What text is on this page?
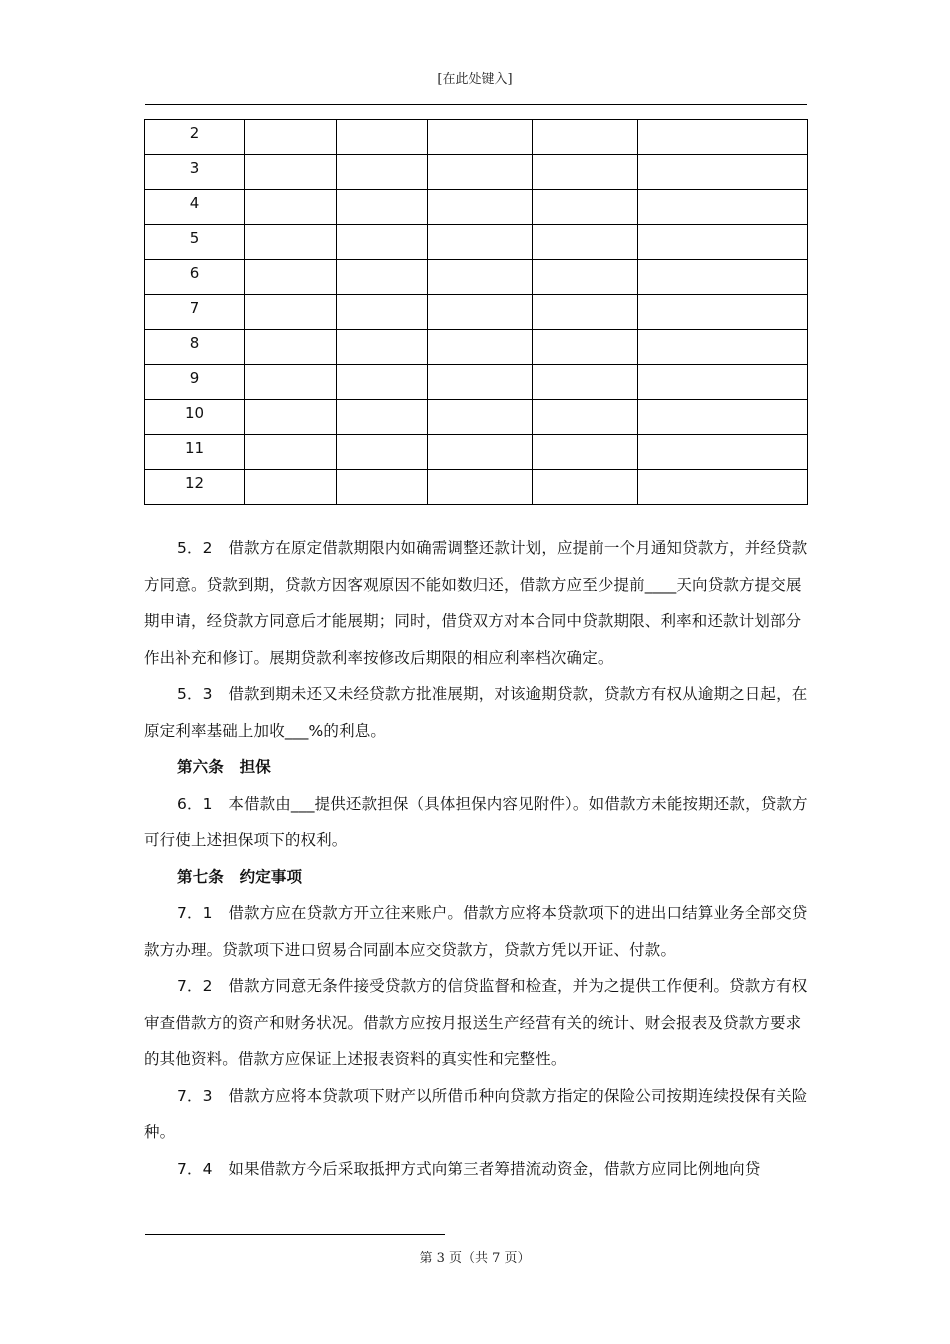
[在此处键入]
2					
3					
4					
5					
6					
7					
8					
9					
10					
11					
12					

5．2　借款方在原定借款期限内如确需调整还款计划，应提前一个月通知贷款方，并经贷款方同意。贷款到期，贷款方因客观原因不能如数归还，借款方应至少提前____天向贷款方提交展期申请，经贷款方同意后才能展期；同时，借贷双方对本合同中贷款期限、利率和还款计划部分作出补充和修订。展期贷款利率按修改后期限的相应利率档次确定。

5．3　借款到期未还又未经贷款方批准展期，对该逾期贷款，贷款方有权从逾期之日起，在原定利率基础上加收___%的利息。

第六条　担保

6．1　本借款由___提供还款担保（具体担保内容见附件）。如借款方未能按期还款，贷款方可行使上述担保项下的权利。

第七条　约定事项

7．1　借款方应在贷款方开立往来账户。借款方应将本贷款项下的进出口结算业务全部交贷款方办理。贷款项下进口贸易合同副本应交贷款方，贷款方凭以开证、付款。

7．2　借款方同意无条件接受贷款方的信贷监督和检查，并为之提供工作便利。贷款方有权审查借款方的资产和财务状况。借款方应按月报送生产经营有关的统计、财会报表及贷款方要求的其他资料。借款方应保证上述报表资料的真实性和完整性。

7．3　借款方应将本贷款项下财产以所借币种向贷款方指定的保险公司按期连续投保有关险种。

7．4　如果借款方今后采取抵押方式向第三者筹措流动资金，借款方应同比例地向贷

第 3 页（共 7 页）
